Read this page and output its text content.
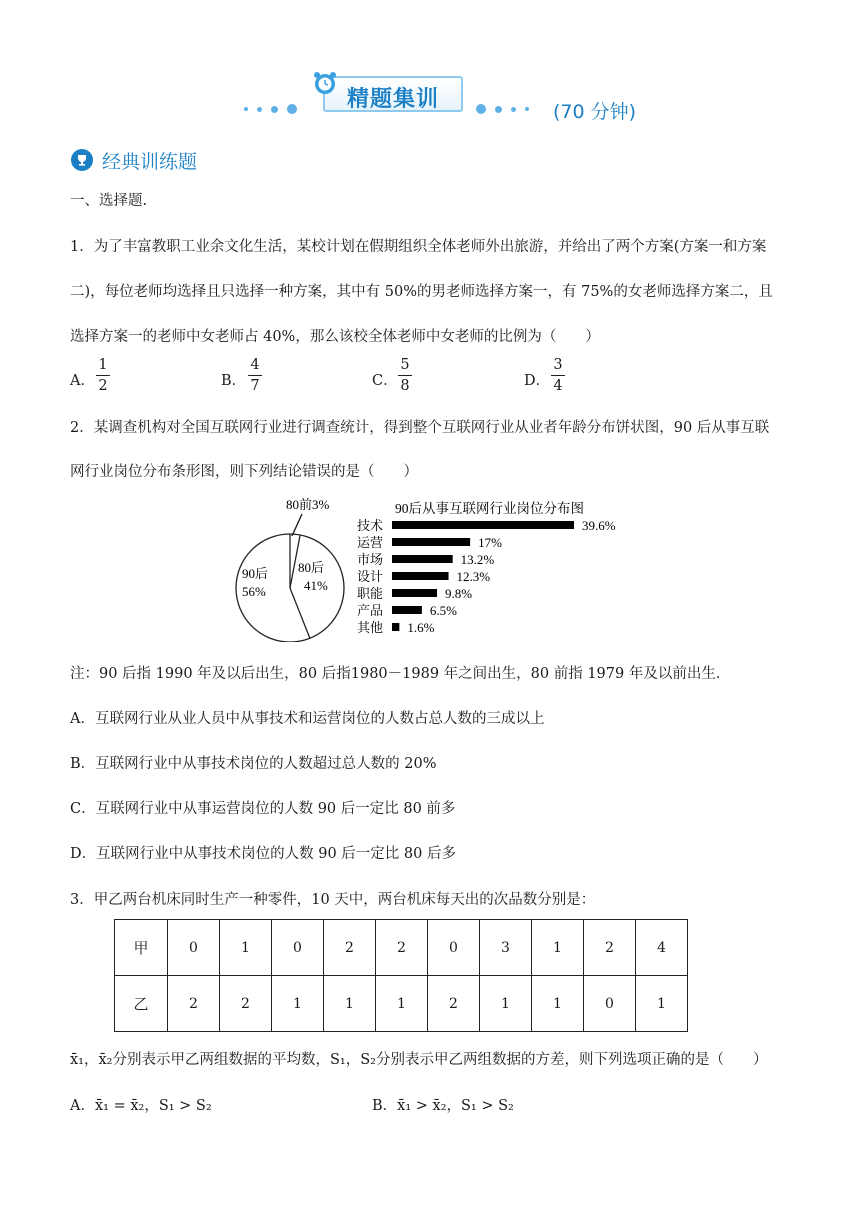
精题集训	(70 分钟)
经典训练题
一、选择题.
1．为了丰富教职工业余文化生活，某校计划在假期组织全体老师外出旅游，并给出了两个方案(方案一和方案
二)，每位老师均选择且只选择一种方案，其中有 50%的男老师选择方案一，有 75%的女老师选择方案二，且
选择方案一的老师中女老师占 40%，那么该校全体老师中女老师的比例为（　　）
A．
1
2	B．
4
7	C．
5
8	D．
3
4
2．某调查机构对全国互联网行业进行调查统计，得到整个互联网行业从业者年龄分布饼状图，90 后从事互联
网行业岗位分布条形图，则下列结论错误的是（　　）
80前3%
90后
56%
80后
41%
90后从事互联网行业岗位分布图
技术	39.6%
运营	17%
市场	13.2%
设计	12.3%
职能	9.8%
产品	6.5%
其他 1.6%
注：90 后指 1990 年及以后出生，80 后指1980－1989 年之间出生，80 前指 1979 年及以前出生．
A．互联网行业从业人员中从事技术和运营岗位的人数占总人数的三成以上
B．互联网行业中从事技术岗位的人数超过总人数的 20%
C．互联网行业中从事运营岗位的人数 90 后一定比 80 前多
D．互联网行业中从事技术岗位的人数 90 后一定比 80 后多
3．甲乙两台机床同时生产一种零件，10 天中，两台机床每天出的次品数分别是：
甲	0	1	0	2	2	0	3	1	2	4
乙	2	2	1	1	1	2	1	1	0	1
x̄₁，x̄₂分别表示甲乙两组数据的平均数，S₁，S₂分别表示甲乙两组数据的方差，则下列选项正确的是（　　）
A．x̄₁ = x̄₂，S₁ > S₂	B．x̄₁ > x̄₂，S₁ > S₂
